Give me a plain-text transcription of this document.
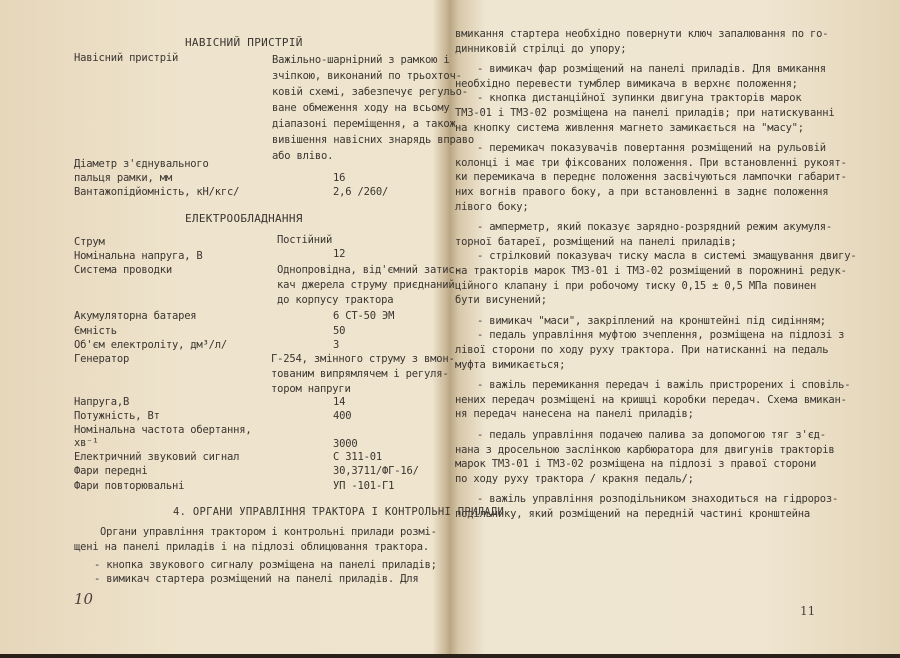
НАВІСНИЙ ПРИСТРІЙ
Навісний пристрій	Важільно-шарнірний з рамкою і
зчіпкою, виконаний по трьохточ-
ковій схемі, забезпечує регульо-
ване обмеження ходу на всьому
діапазоні переміщення, а також
вивішення навісних знарядь вправо
або вліво.
Діаметр з'єднувального
пальця рамки, мм	16
Вантажопідйомність, кН/кгс/	2,6 /260/
ЕЛЕКТРООБЛАДНАННЯ
Струм	Постійний
Номінальна напруга, В	12
Система проводки	Однопровідна, від'ємний затис-
кач джерела струму приєднаний
до корпусу трактора
Акумуляторна батарея	6 СТ-50 ЭМ
Ємність	50
Об'єм електроліту, дм³/л/	3
Генератор	Г-254, змінного струму з вмон-
тованим випрямлячем і регуля-
тором напруги
Напруга,В	14
Потужність, Вт	400
Номінальна частота обертання,
хв⁻¹	3000
Електричний звуковий сигнал	С 311-01
Фари передні	30,3711/ФГ-16/
Фари повторювальні	УП -101-Г1
4. ОРГАНИ УПРАВЛІННЯ ТРАКТОРА І КОНТРОЛЬНІ ПРИЛАДИ
Органи управління трактором і контрольні прилади розмі-
щені на панелі приладів і на підлозі облицювання трактора.
- кнопка звукового сигналу розміщена на панелі приладів;
- вимикач стартера розміщений на панелі приладів. Для
10
вмикання стартера необхідно повернути ключ запалювання по го-
динниковій стрілці до упору;
- вимикач фар розміщений на панелі приладів. Для вмикання
необхідно перевести тумблер вимикача в верхнє положення;
- кнопка дистанційної зупинки двигуна тракторів марок
ТМЗ-01 і ТМЗ-02 розміщена на панелі приладів; при натискуванні
на кнопку система живлення магнето замикається на "масу";
- перемикач показувачів повертання розміщений на рульовій
колонці і має три фіксованих положення. При встановленні рукоят-
ки перемикача в переднє положення засвічуються лампочки габарит-
них вогнів правого боку, а при встановленні в заднє положення
лівого боку;
- амперметр, який показує зарядно-розрядний режим акумуля-
торної батареї, розміщений на панелі приладів;
- стрілковий показувач тиску масла в системі змащування двигу-
на тракторів марок ТМЗ-01 і ТМЗ-02 розміщений в порожнині редук-
ційного клапану і при робочому тиску 0,15 ± 0,5 МПа повинен
бути висунений;
- вимикач "маси", закріплений на кронштейні під сидінням;
- педаль управління муфтою зчеплення, розміщена на підлозі з
лівої сторони по ходу руху трактора. При натисканні на педаль
муфта вимикається;
- важіль перемикання передач і важіль пристрорених і сповіль-
нених передач розміщені на кришці коробки передач. Схема вмикан-
ня передач нанесена на панелі приладів;
- педаль управління подачею палива за допомогою тяг з'єд-
нана з дросельною заслінкою карбюратора для двигунів тракторів
марок ТМЗ-01 і ТМЗ-02 розміщена на підлозі з правої сторони
по ходу руху трактора / кракня педаль/;
- важіль управління розподільником знаходиться на гідророз-
подільнику, який розміщений на передній частині кронштейна
11
